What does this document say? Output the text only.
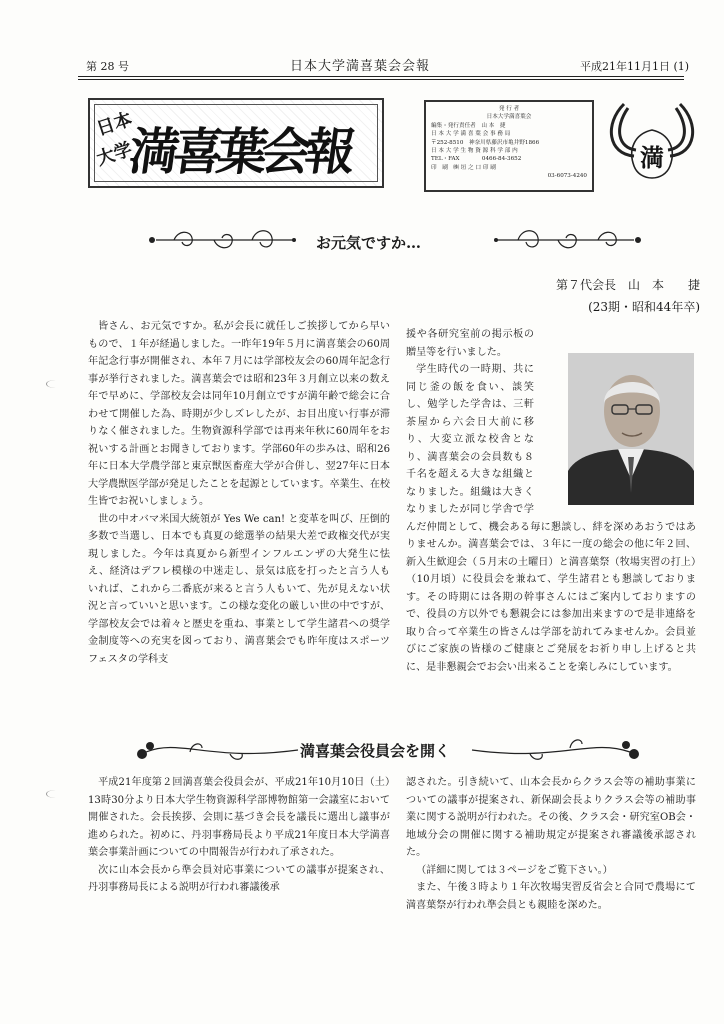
第 28 号	日本大学満喜葉会会報	平成21年11月1日 (1)
日本
大学
満喜葉会報
発 行 者
日本大学満喜葉会
編集・発行責任者　山 本　捷
日 本 大 学 満 喜 葉 会 事 務 局
〒252-8510　神奈川県藤沢市亀井野1866
日 本 大 学 生 物 資 源 科 学 部 内
TEL・FAX　　　　0466-84-3652
印　刷　㈱ 垣 之 口 印 刷
03-6073-4240
満
お元気ですか…
第７代会長　山　本　　捷
(23期・昭和44年卒)

皆さん、お元気ですか。私が会長に就任しご挨拶してから早いもので、１年が経過しました。一昨年19年５月に満喜葉会の60周年記念行事が開催され、本年７月には学部校友会の60周年記念行事が挙行されました。満喜葉会では昭和23年３月創立以来の数え年で早めに、学部校友会は同年10月創立ですが満年齢で総会に合わせて開催した為、時期が少しズレしたが、お目出度い行事が滞りなく催されました。生物資源科学部では再来年秋に60周年をお祝いする計画とお聞きしております。学部60年の歩みは、昭和26年に日本大学農学部と東京獣医畜産大学が合併し、翌27年に日本大学農獣医学部が発足したことを起源としています。卒業生、在校生皆でお祝いしましょう。

世の中オバマ米国大統領が Yes We can! と変革を叫び、圧倒的多数で当選し、日本でも真夏の総選挙の結果大差で政権交代が実現しました。今年は真夏から新型インフルエンザの大発生に怯え、経済はデフレ模様の中迷走し、景気は底を打ったと言う人もいれば、これから二番底が来ると言う人もいて、先が見えない状況と言っていいと思います。この様な変化の厳しい世の中ですが、学部校友会では着々と歴史を重ね、事業として学生諸君への奨学金制度等への充実を図っており、満喜葉会でも昨年度はスポーツフェスタの学科支

援や各研究室前の掲示板の贈呈等を行いました。

学生時代の一時期、共に同じ釜の飯を食い、談笑し、勉学した学舎は、三軒茶屋から六会日大前に移り、大変立派な校舎となり、満喜葉会の会員数も８千名を超える大きな組織となりました。組織は大きくなりましたが同じ学舎で学んだ仲間として、機会ある毎に懇談し、絆を深めあおうではありませんか。満喜葉会では、３年に一度の総会の他に年２回、新入生歓迎会（５月末の土曜日）と満喜葉祭（牧場実習の打上）（10月頃）に役員会を兼ねて、学生諸君とも懇談しております。その時期には各期の幹事さんにはご案内しておりますので、役員の方以外でも懇親会には参加出来ますので是非連絡を取り合って卒業生の皆さんは学部を訪れてみませんか。会員並びにご家族の皆様のご健康とご発展をお祈り申し上げると共に、是非懇親会でお会い出来ることを楽しみにしています。

満喜葉会役員会を開く

平成21年度第２回満喜葉会役員会が、平成21年10月10日（土）13時30分より日本大学生物資源科学部博物館第一会議室において開催された。会長挨拶、会則に基づき会長を議長に選出し議事が進められた。初めに、丹羽事務局長より平成21年度日本大学満喜葉会事業計画についての中間報告が行われ了承された。

次に山本会長から準会員対応事業についての議事が提案され、丹羽事務局長による説明が行われ審議後承

認された。引き続いて、山本会長からクラス会等の補助事業についての議事が提案され、新保副会長よりクラス会等の補助事業に関する説明が行われた。その後、クラス会・研究室OB会・地域分会の開催に関する補助規定が提案され審議後承認された。

（詳細に関しては３ページをご覧下さい。）

また、午後３時より１年次牧場実習反省会と合同で農場にて満喜葉祭が行われ準会員とも親睦を深めた。
